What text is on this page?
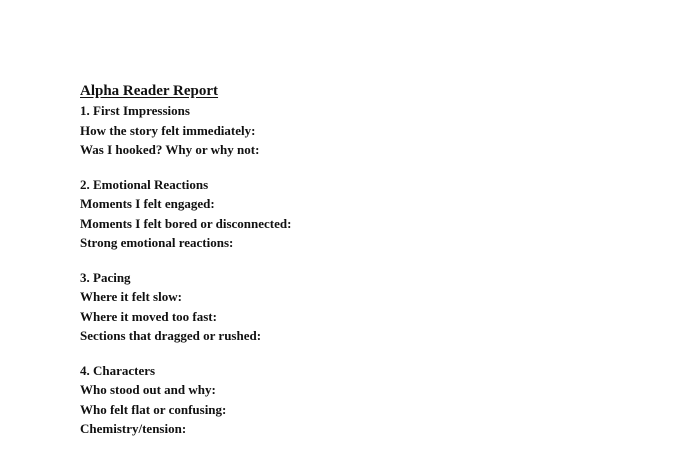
Alpha Reader Report

1. First Impressions

How the story felt immediately:

Was I hooked? Why or why not:

2. Emotional Reactions

Moments I felt engaged:

Moments I felt bored or disconnected:

Strong emotional reactions:

3. Pacing

Where it felt slow:

Where it moved too fast:

Sections that dragged or rushed:

4. Characters

Who stood out and why:

Who felt flat or confusing:

Chemistry/tension:
